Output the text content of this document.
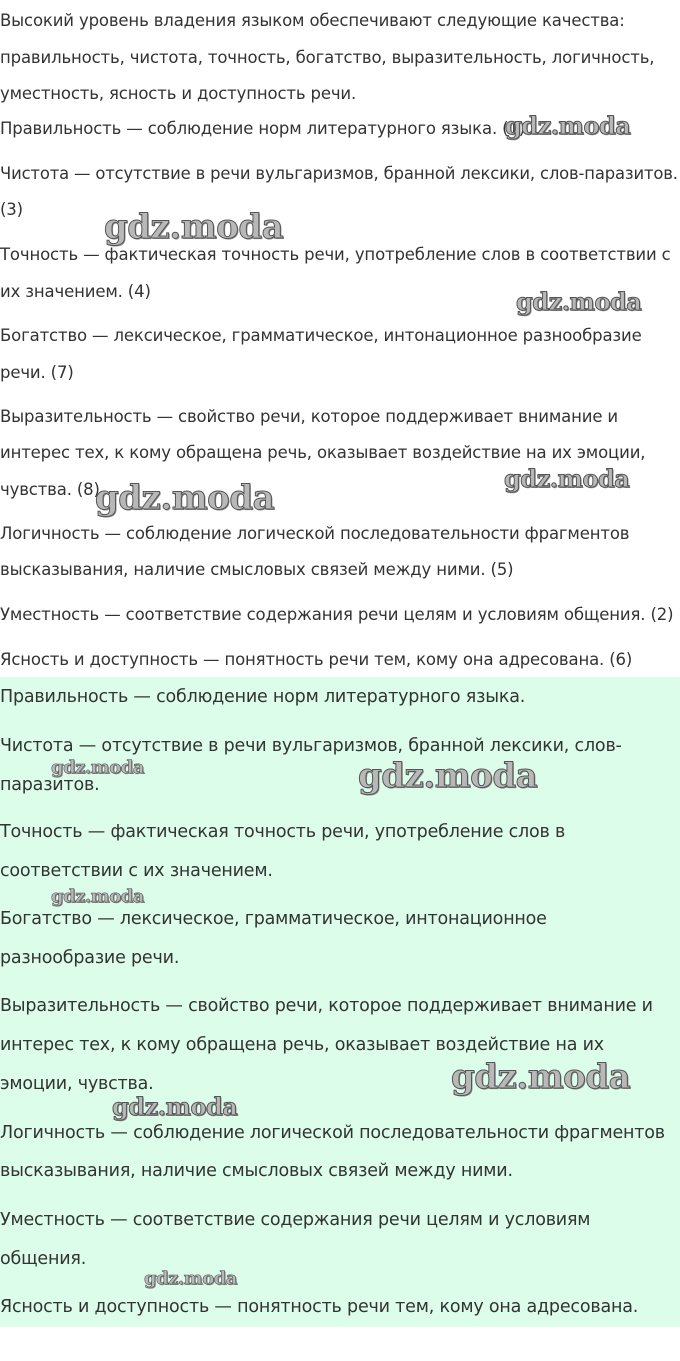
Высокий уровень владения языком обеспечивают следующие качества:
правильность, чистота, точность, богатство, выразительность, логичность,
уместность, ясность и доступность речи.
Правильность — соблюдение норм литературного языка. (1)
Чистота — отсутствие в речи вульгаризмов, бранной лексики, слов-паразитов.
(3)
Точность — фактическая точность речи, употребление слов в соответствии с
их значением. (4)
Богатство — лексическое, грамматическое, интонационное разнообразие
речи. (7)
Выразительность — свойство речи, которое поддерживает внимание и
интерес тех, к кому обращена речь, оказывает воздействие на их эмоции,
чувства. (8)
Логичность — соблюдение логической последовательности фрагментов
высказывания, наличие смысловых связей между ними. (5)
Уместность — соответствие содержания речи целям и условиям общения. (2)
Ясность и доступность — понятность речи тем, кому она адресована. (6)
Правильность — соблюдение норм литературного языка.
Чистота — отсутствие в речи вульгаризмов, бранной лексики, слов-
паразитов.
Точность — фактическая точность речи, употребление слов в
соответствии с их значением.
Богатство — лексическое, грамматическое, интонационное
разнообразие речи.
Выразительность — свойство речи, которое поддерживает внимание и
интерес тех, к кому обращена речь, оказывает воздействие на их
эмоции, чувства.
Логичность — соблюдение логической последовательности фрагментов
высказывания, наличие смысловых связей между ними.
Уместность — соответствие содержания речи целям и условиям
общения.
Ясность и доступность — понятность речи тем, кому она адресована.
gdz.moda
gdz.moda
gdz.moda
gdz.moda
gdz.moda
gdz.moda
gdz.moda
gdz.moda
gdz.moda
gdz.moda
gdz.moda
